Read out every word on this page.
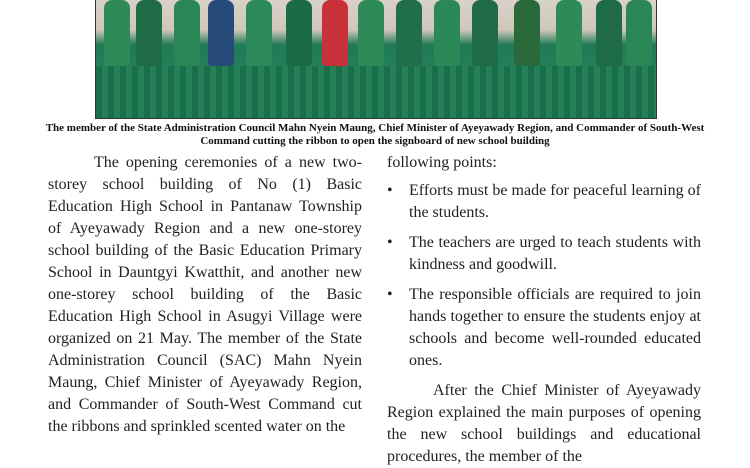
The member of the State Administration Council Mahn Nyein Maung, Chief Minister of Ayeyawady Region, and Commander of South-West Command cutting the ribbon to open the signboard of new school building

The opening ceremonies of a new two-storey school building of No (1) Basic Education High School in Pantanaw Township of Ayeyawady Region and a new one-storey school building of the Basic Education Primary School in Dauntgyi Kwatthit, and another new one-storey school building of the Basic Education High School in Asugyi Village were organized on 21 May. The member of the State Administration Council (SAC) Mahn Nyein Maung, Chief Minister of Ayeyawady Region, and Commander of South-West Command cut the ribbons and sprinkled scented water on the

following points:

• Efforts must be made for peaceful learning of the students.
• The teachers are urged to teach students with kindness and goodwill.
• The responsible officials are required to join hands together to ensure the students enjoy at schools and become well-rounded educated ones.

After the Chief Minister of Ayeyawady Region explained the main purposes of opening the new school buildings and educational procedures, the member of the
